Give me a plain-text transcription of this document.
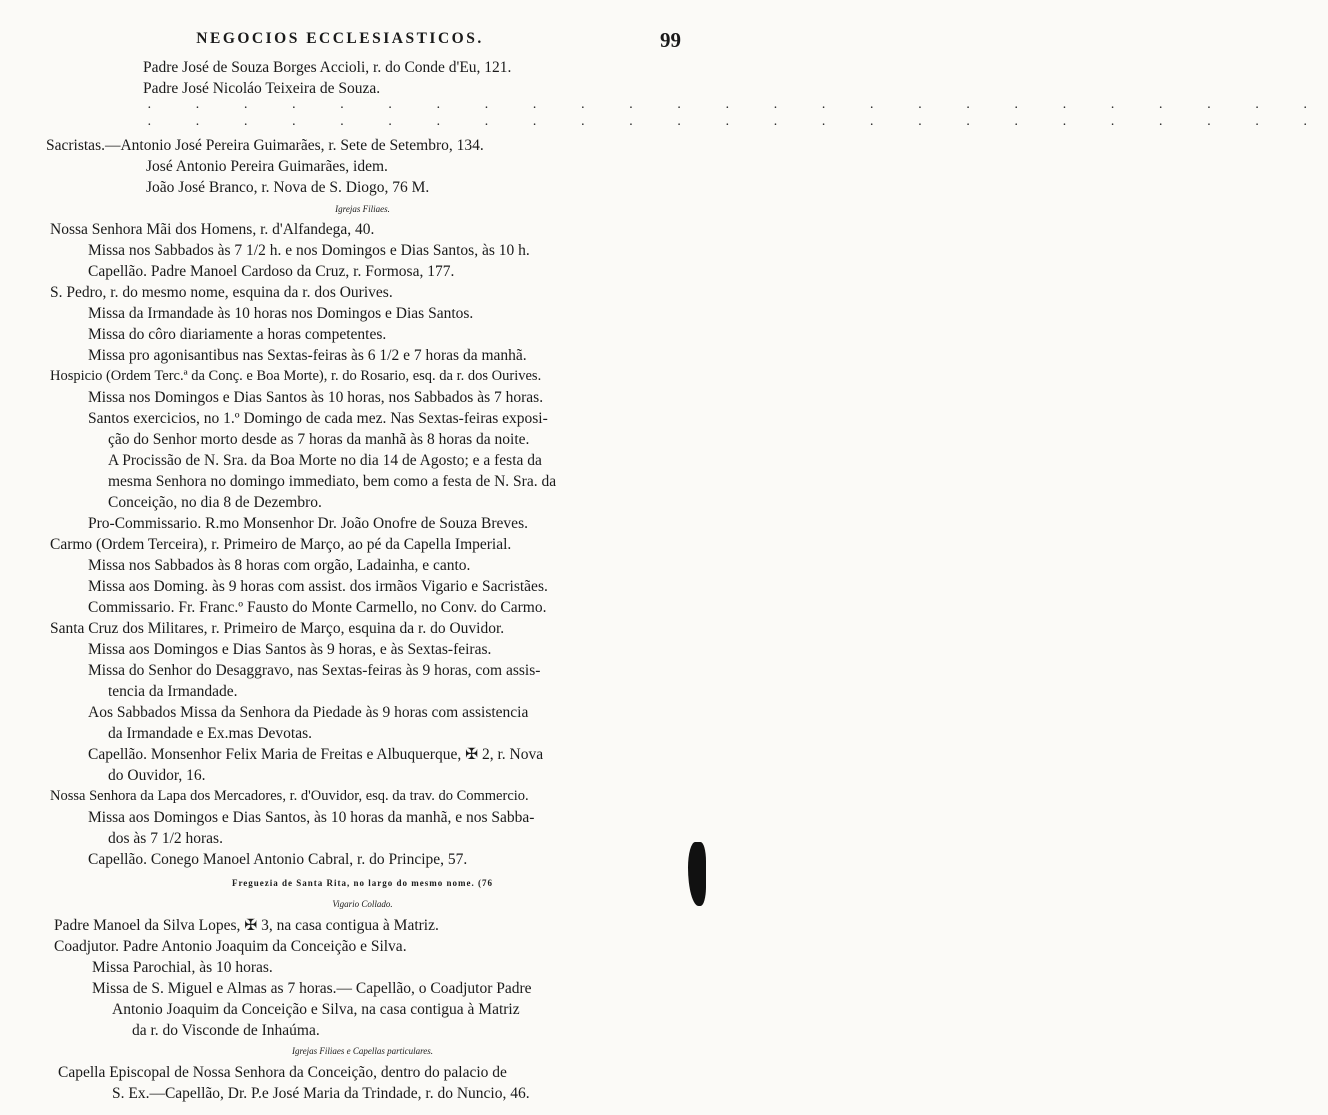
NEGOCIOS ECCLESIASTICOS.	99
Padre José de Souza Borges Accioli, r. do Conde d'Eu, 121.
Padre José Nicoláo Teixeira de Souza.
· · · · · · · · · · · · · · · · · · · · · · · · ·
· · · · · · · · · · · · · · · · · · · · · · · · ·
Sacristas.—Antonio José Pereira Guimarães, r. Sete de Setembro, 134.
José Antonio Pereira Guimarães, idem.
João José Branco, r. Nova de S. Diogo, 76 M.
Igrejas Filiaes.
Nossa Senhora Mãi dos Homens, r. d'Alfandega, 40.
Missa nos Sabbados às 7 1/2 h. e nos Domingos e Dias Santos, às 10 h.
Capellão. Padre Manoel Cardoso da Cruz, r. Formosa, 177.
S. Pedro, r. do mesmo nome, esquina da r. dos Ourives.
Missa da Irmandade às 10 horas nos Domingos e Dias Santos.
Missa do côro diariamente a horas competentes.
Missa pro agonisantibus nas Sextas-feiras às 6 1/2 e 7 horas da manhã.
Hospicio (Ordem Terc.ª da Conç. e Boa Morte), r. do Rosario, esq. da r. dos Ourives.
Missa nos Domingos e Dias Santos às 10 horas, nos Sabbados às 7 horas.
Santos exercicios, no 1.º Domingo de cada mez. Nas Sextas-feiras exposi-
ção do Senhor morto desde as 7 horas da manhã às 8 horas da noite.
A Procissão de N. Sra. da Boa Morte no dia 14 de Agosto; e a festa da
mesma Senhora no domingo immediato, bem como a festa de N. Sra. da
Conceição, no dia 8 de Dezembro.
Pro-Commissario. R.mo Monsenhor Dr. João Onofre de Souza Breves.
Carmo (Ordem Terceira), r. Primeiro de Março, ao pé da Capella Imperial.
Missa nos Sabbados às 8 horas com orgão, Ladainha, e canto.
Missa aos Doming. às 9 horas com assist. dos irmãos Vigario e Sacristães.
Commissario. Fr. Franc.º Fausto do Monte Carmello, no Conv. do Carmo.
Santa Cruz dos Militares, r. Primeiro de Março, esquina da r. do Ouvidor.
Missa aos Domingos e Dias Santos às 9 horas, e às Sextas-feiras.
Missa do Senhor do Desaggravo, nas Sextas-feiras às 9 horas, com assis-
tencia da Irmandade.
Aos Sabbados Missa da Senhora da Piedade às 9 horas com assistencia
da Irmandade e Ex.mas Devotas.
Capellão. Monsenhor Felix Maria de Freitas e Albuquerque, ✠ 2, r. Nova
do Ouvidor, 16.
Nossa Senhora da Lapa dos Mercadores, r. d'Ouvidor, esq. da trav. do Commercio.
Missa aos Domingos e Dias Santos, às 10 horas da manhã, e nos Sabba-
dos às 7 1/2 horas.
Capellão. Conego Manoel Antonio Cabral, r. do Principe, 57.
Freguezia de Santa Rita, no largo do mesmo nome. (76
Vigario Collado.
Padre Manoel da Silva Lopes, ✠ 3, na casa contigua à Matriz.
Coadjutor. Padre Antonio Joaquim da Conceição e Silva.
Missa Parochial, às 10 horas.
Missa de S. Miguel e Almas as 7 horas.— Capellão, o Coadjutor Padre
Antonio Joaquim da Conceição e Silva, na casa contigua à Matriz
da r. do Visconde de Inhaúma.
Igrejas Filiaes e Capellas particulares.
Capella Episcopal de Nossa Senhora da Conceição, dentro do palacio de
S. Ex.—Capellão, Dr. P.e José Maria da Trindade, r. do Nuncio, 46.
